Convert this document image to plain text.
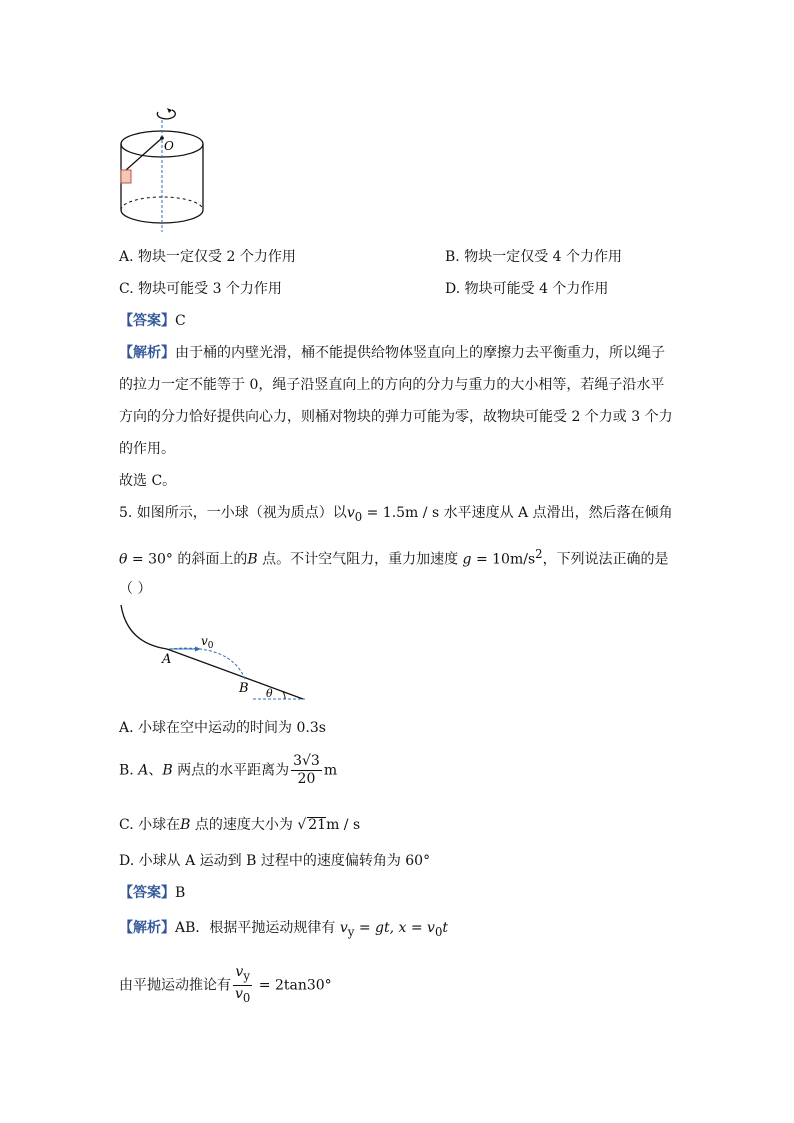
O
A. 物块一定仅受 2 个力作用	B. 物块一定仅受 4 个力作用
C. 物块可能受 3 个力作用	D. 物块可能受 4 个力作用
【答案】C
【解析】由于桶的内壁光滑，桶不能提供给物体竖直向上的摩擦力去平衡重力，所以绳子
的拉力一定不能等于 0，绳子沿竖直向上的方向的分力与重力的大小相等，若绳子沿水平
方向的分力恰好提供向心力，则桶对物块的弹力可能为零，故物块可能受 2 个力或 3 个力
的作用。
故选 C。
5. 如图所示，一小球（视为质点）以$v_0 = 1.5m / s$ 水平速度从 A 点滑出，然后落在倾角
θ = 30° 的斜面上的B 点。不计空气阻力，重力加速度 $g = 10m/s^2$，下列说法正确的是
（ ）
A
B
$v_0$
θ
A. 小球在空中运动的时间为 0.3s
B. A、B 两点的水平距离为 $\frac{3√3}{20}$ m
C. 小球在B 点的速度大小为 √ 21m / s
D. 小球从 A 运动到 B 过程中的速度偏转角为 60°
【答案】B
【解析】AB．根据平抛运动规律有 $v_y$ = gt, $x = v_0t$
由平抛运动推论有 $\frac{v_y}{v_0} = 2\tan 30^\circ$
